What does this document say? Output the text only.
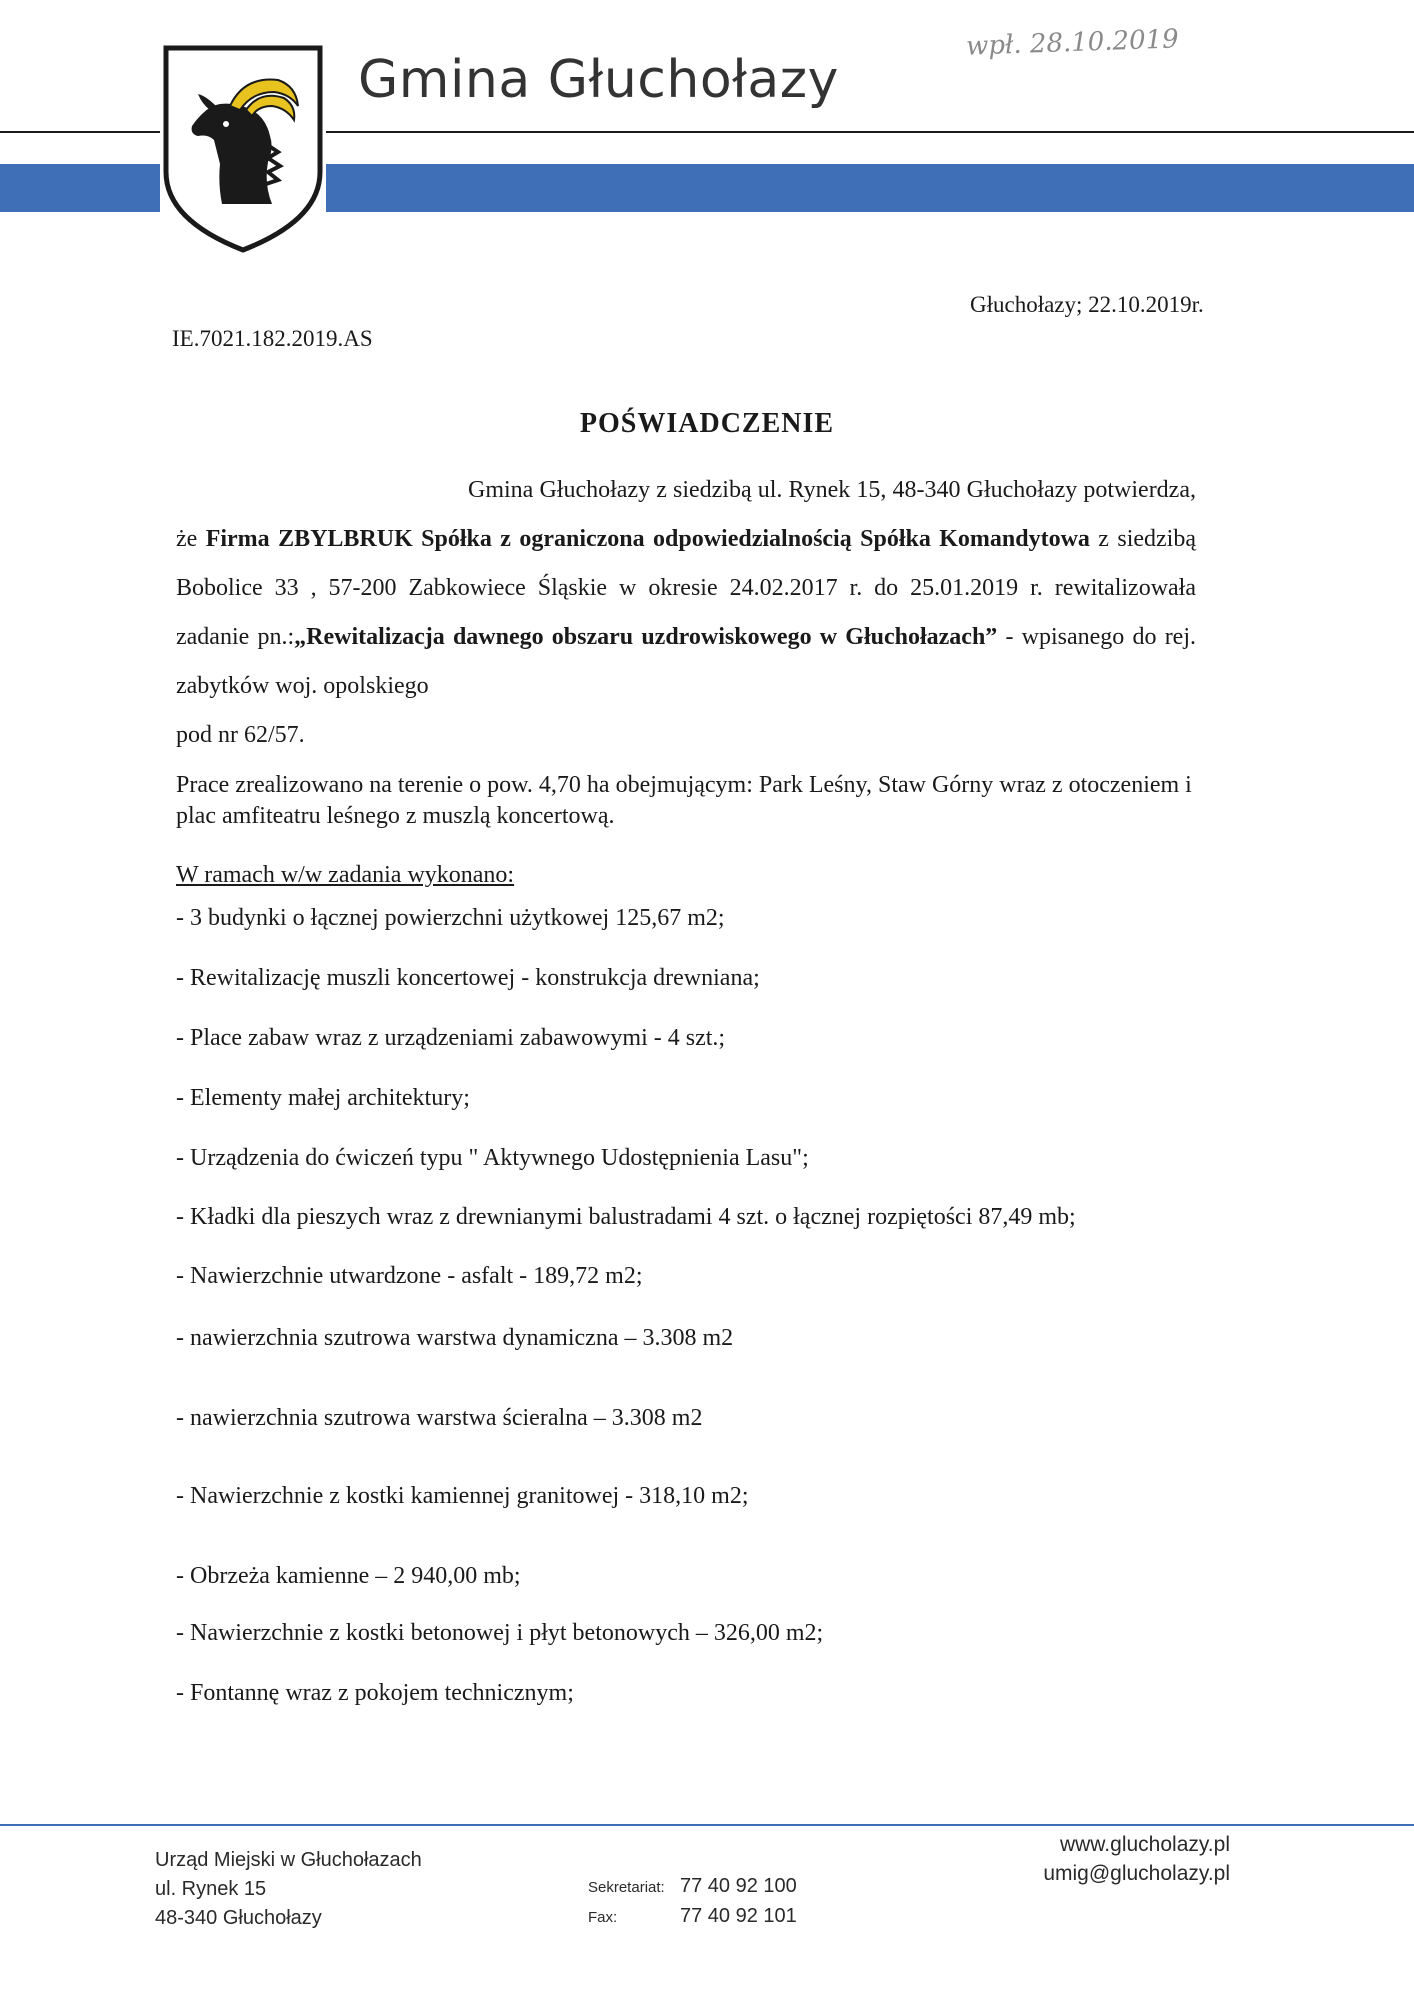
Gmina Głuchołazy
wpł. 28.10.2019
Głuchołazy; 22.10.2019r.
IE.7021.182.2019.AS
POŚWIADCZENIE

Gmina Głuchołazy z siedzibą ul. Rynek 15, 48-340 Głuchołazy potwierdza, że Firma ZBYLBRUK Spółka z ograniczona odpowiedzialnością Spółka Komandytowa z siedzibą Bobolice 33 , 57-200 Zabkowiece Śląskie w okresie 24.02.2017 r. do 25.01.2019 r. rewitalizowała zadanie pn.:„Rewitalizacja dawnego obszaru uzdrowiskowego w Głuchołazach” - wpisanego do rej. zabytków woj. opolskiego

pod nr 62/57.

Prace zrealizowano na terenie o pow. 4,70 ha obejmującym: Park Leśny, Staw Górny wraz z otoczeniem i plac amfiteatru leśnego z muszlą koncertową.

W ramach w/w zadania wykonano:

- 3 budynki o łącznej powierzchni użytkowej 125,67 m2;
- Rewitalizację muszli koncertowej - konstrukcja drewniana;
- Place zabaw wraz z urządzeniami zabawowymi - 4 szt.;
- Elementy małej architektury;
- Urządzenia do ćwiczeń typu " Aktywnego Udostępnienia Lasu";
- Kładki dla pieszych wraz z drewnianymi balustradami 4 szt. o łącznej rozpiętości 87,49 mb;
- Nawierzchnie utwardzone - asfalt - 189,72 m2;
- nawierzchnia szutrowa warstwa dynamiczna – 3.308 m2
- nawierzchnia szutrowa warstwa ścieralna – 3.308 m2
- Nawierzchnie z kostki kamiennej granitowej - 318,10 m2;
- Obrzeża kamienne – 2 940,00 mb;
- Nawierzchnie z kostki betonowej i płyt betonowych – 326,00 m2;
- Fontannę wraz z pokojem technicznym;
Urząd Miejski w Głuchołazach
ul. Rynek 15
48-340 Głuchołazy
Sekretariat: 77 40 92 100
Fax:	77 40 92 101
www.glucholazy.pl
umig@glucholazy.pl
